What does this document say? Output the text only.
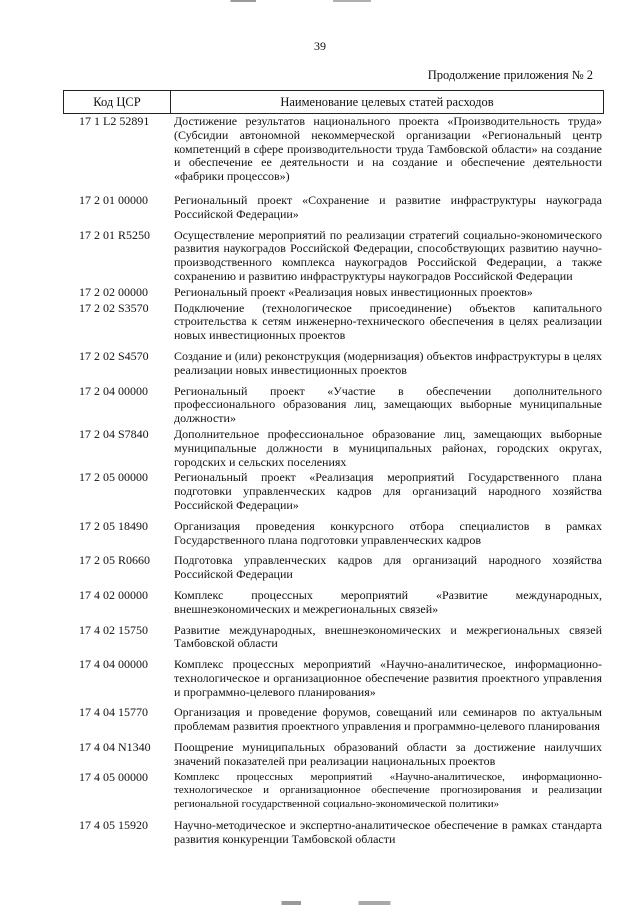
39
Продолжение приложения № 2
Код ЦСР	Наименование целевых статей расходов
17 1 L2 52891	Достижение результатов национального проекта «Производительность труда» (Субсидии автономной некоммерческой организации «Региональный центр компетенций в сфере производительности труда Тамбовской области» на создание и обеспечение ее деятельности и на создание и обеспечение деятельности «фабрики процессов»)
17 2 01 00000	Региональный проект «Сохранение и развитие инфраструктуры наукограда Российской Федерации»
17 2 01 R5250	Осуществление мероприятий по реализации стратегий социально-экономического развития наукоградов Российской Федерации, способствующих развитию научно-производственного комплекса наукоградов Российской Федерации, а также сохранению и развитию инфраструктуры наукоградов Российской Федерации
17 2 02 00000	Региональный проект «Реализация новых инвестиционных проектов»
17 2 02 S3570	Подключение (технологическое присоединение) объектов капитального строительства к сетям инженерно-технического обеспечения в целях реализации новых инвестиционных проектов
17 2 02 S4570	Создание и (или) реконструкция (модернизация) объектов инфраструктуры в целях реализации новых инвестиционных проектов
17 2 04 00000	Региональный проект «Участие в обеспечении дополнительного профессионального образования лиц, замещающих выборные муниципальные должности»
17 2 04 S7840	Дополнительное профессиональное образование лиц, замещающих выборные муниципальные должности в муниципальных районах, городских округах, городских и сельских поселениях
17 2 05 00000	Региональный проект «Реализация мероприятий Государственного плана подготовки управленческих кадров для организаций народного хозяйства Российской Федерации»
17 2 05 18490	Организация проведения конкурсного отбора специалистов в рамках Государственного плана подготовки управленческих кадров
17 2 05 R0660	Подготовка управленческих кадров для организаций народного хозяйства Российской Федерации
17 4 02 00000	Комплекс процессных мероприятий «Развитие международных, внешнеэкономических и межрегиональных связей»
17 4 02 15750	Развитие международных, внешнеэкономических и межрегиональных связей Тамбовской области
17 4 04 00000	Комплекс процессных мероприятий «Научно-аналитическое, информационно-технологическое и организационное обеспечение развития проектного управления и программно-целевого планирования»
17 4 04 15770	Организация и проведение форумов, совещаний или семинаров по актуальным проблемам развития проектного управления и программно-целевого планирования
17 4 04 N1340	Поощрение муниципальных образований области за достижение наилучших значений показателей при реализации национальных проектов
17 4 05 00000	Комплекс процессных мероприятий «Научно-аналитическое, информационно-технологическое и организационное обеспечение прогнозирования и реализации региональной государственной социально-экономической политики»
17 4 05 15920	Научно-методическое и экспертно-аналитическое обеспечение в рамках стандарта развития конкуренции Тамбовской области
